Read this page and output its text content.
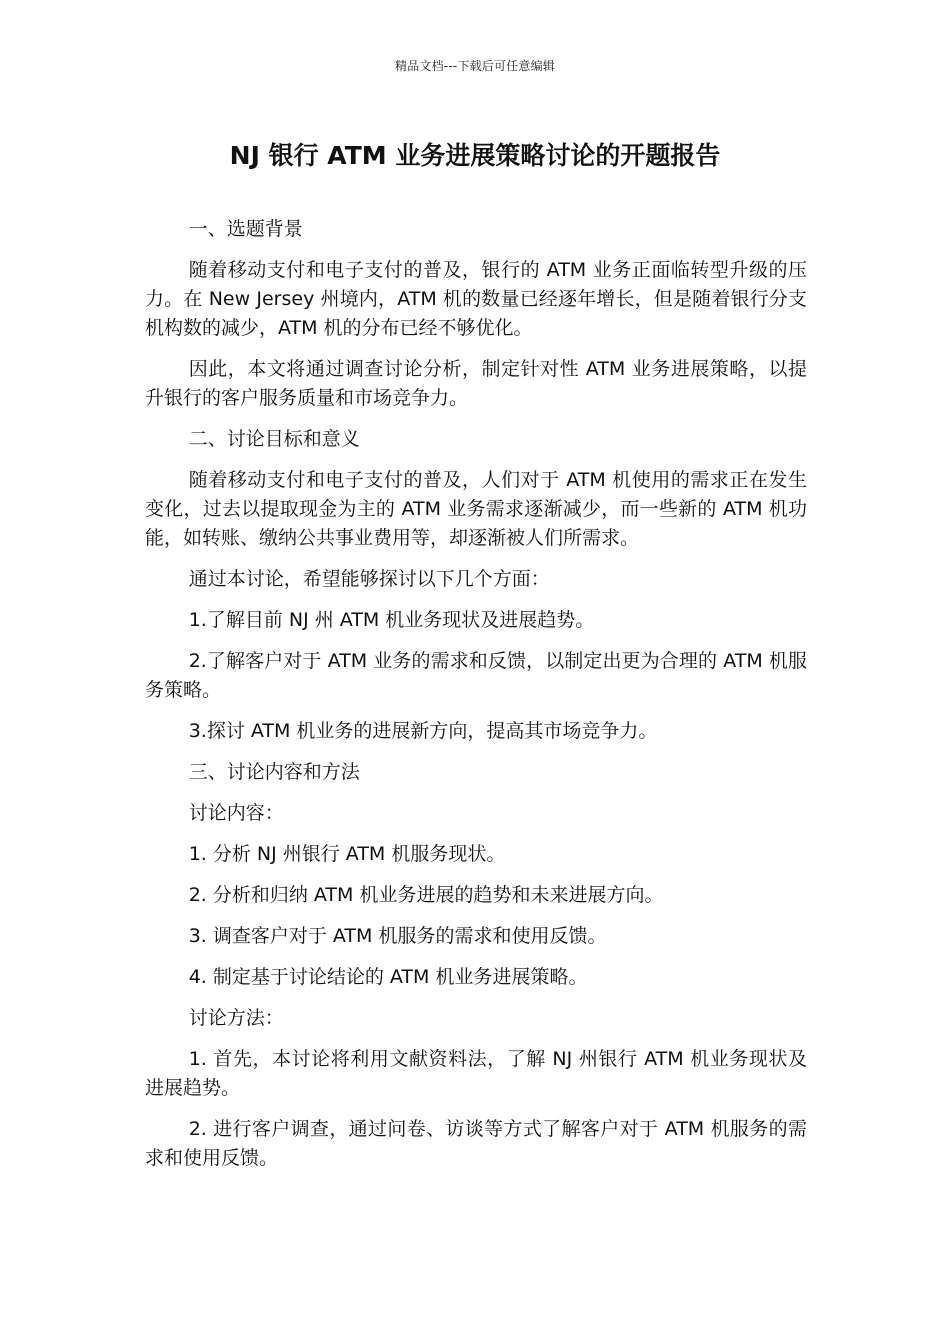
精品文档---下载后可任意编辑
NJ 银行 ATM 业务进展策略讨论的开题报告

一、选题背景

随着移动支付和电子支付的普及，银行的 ATM 业务正面临转型升级的压力。在 New Jersey 州境内，ATM 机的数量已经逐年增长，但是随着银行分支机构数的减少，ATM 机的分布已经不够优化。

因此，本文将通过调查讨论分析，制定针对性 ATM 业务进展策略，以提升银行的客户服务质量和市场竞争力。

二、讨论目标和意义

随着移动支付和电子支付的普及，人们对于 ATM 机使用的需求正在发生变化，过去以提取现金为主的 ATM 业务需求逐渐减少，而一些新的 ATM 机功能，如转账、缴纳公共事业费用等，却逐渐被人们所需求。

通过本讨论，希望能够探讨以下几个方面：

1.了解目前 NJ 州 ATM 机业务现状及进展趋势。

2.了解客户对于 ATM 业务的需求和反馈，以制定出更为合理的 ATM 机服务策略。

3.探讨 ATM 机业务的进展新方向，提高其市场竞争力。

三、讨论内容和方法

讨论内容：

1. 分析 NJ 州银行 ATM 机服务现状。

2. 分析和归纳 ATM 机业务进展的趋势和未来进展方向。

3. 调查客户对于 ATM 机服务的需求和使用反馈。

4. 制定基于讨论结论的 ATM 机业务进展策略。

讨论方法：

1. 首先，本讨论将利用文献资料法，了解 NJ 州银行 ATM 机业务现状及进展趋势。

2. 进行客户调查，通过问卷、访谈等方式了解客户对于 ATM 机服务的需求和使用反馈。
